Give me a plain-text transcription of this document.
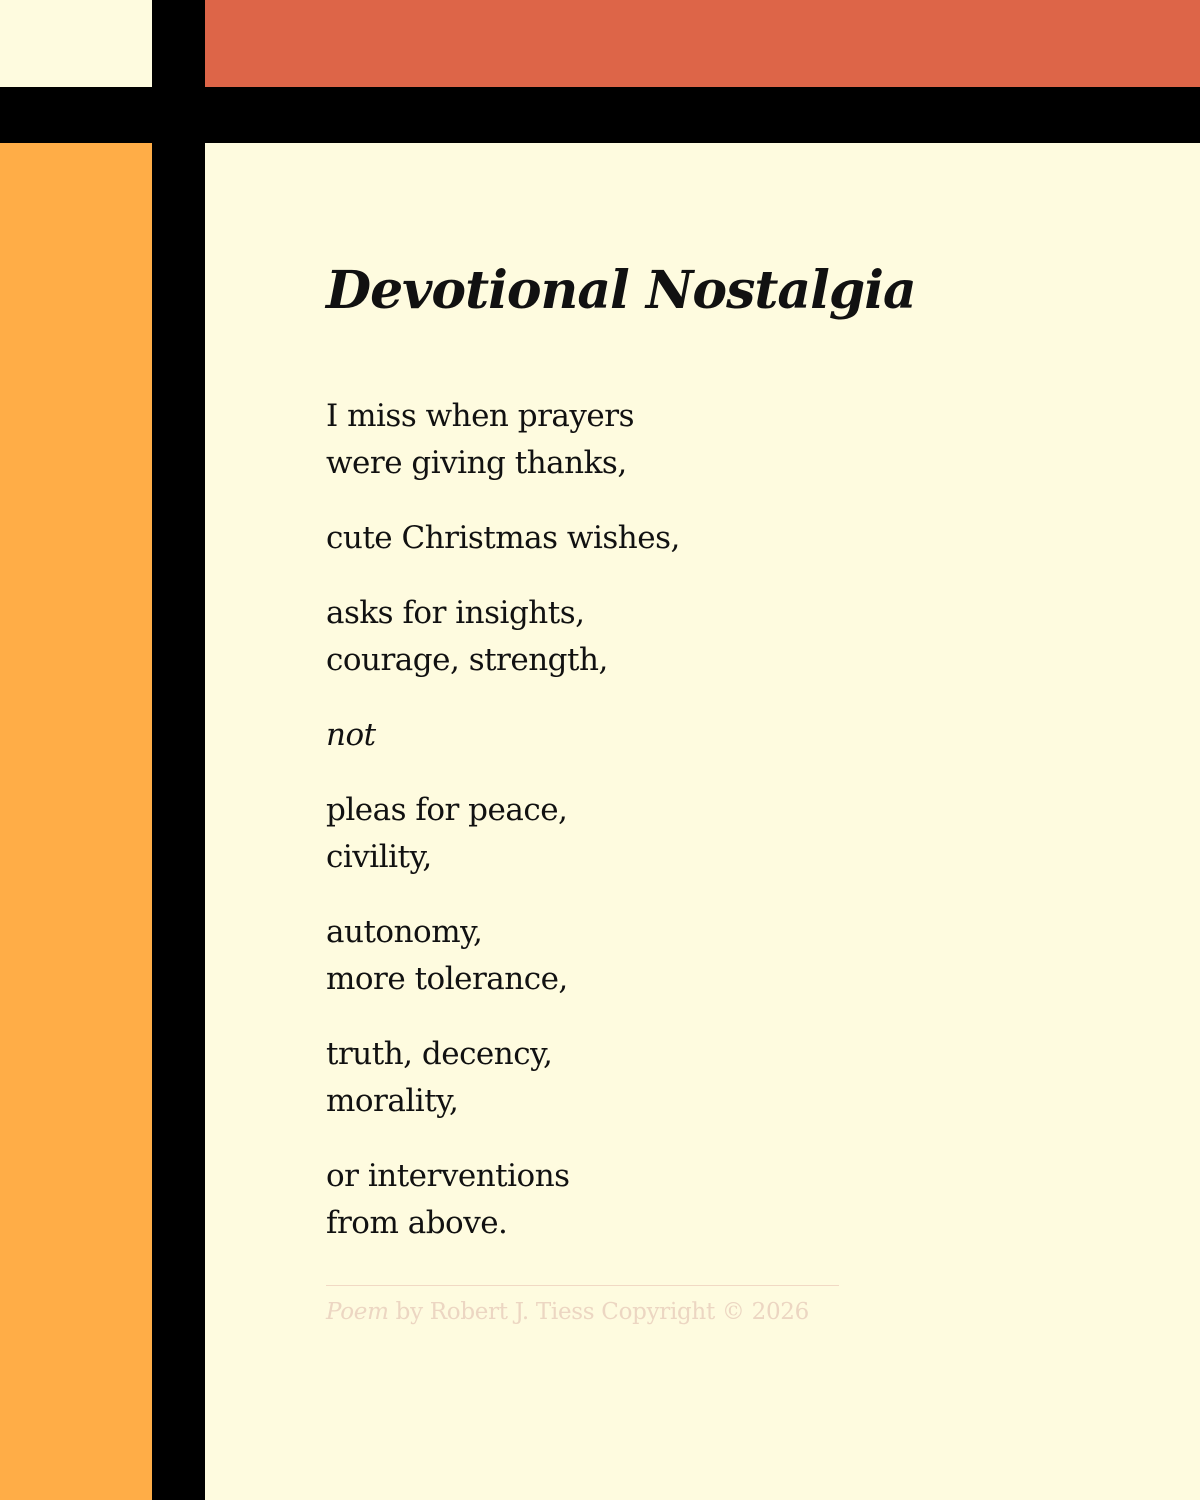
Devotional Nostalgia
I miss when prayers
were giving thanks,
cute Christmas wishes,
asks for insights,
courage, strength,
not
pleas for peace,
civility,
autonomy,
more tolerance,
truth, decency,
morality,
or interventions
from above.
Poem by Robert J. Tiess Copyright © 2026
